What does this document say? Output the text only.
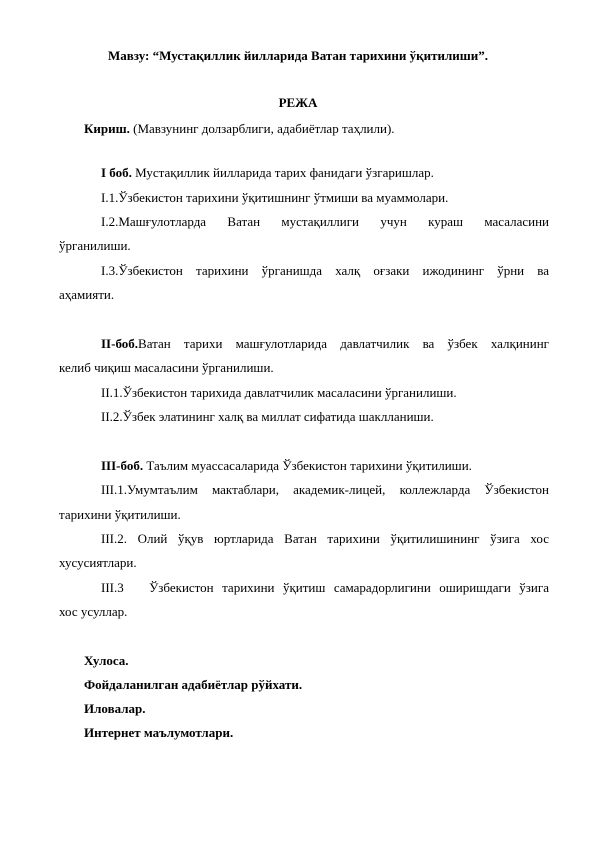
Мавзу: “Мустақиллик йилларида Ватан тарихини ўқитилиши”.
РЕЖА
Кириш. (Мавзунинг долзарблиги, адабиётлар таҳлили).
I боб. Мустақиллик йилларида тарих фанидаги ўзгаришлар.
I.1.Ўзбекистон тарихини ўқитишнинг ўтмиши ва муаммолари.
I.2.Машғулотларда Ватан мустақиллиги учун кураш масаласини
ўрганилиши.
I.3.Ўзбекистон тарихини ўрганишда халқ оғзаки ижодининг ўрни ва
аҳамияти.
II-боб.Ватан тарихи машғулотларида давлатчилик ва ўзбек халқининг
келиб чиқиш масаласини ўрганилиши.
II.1.Ўзбекистон тарихида давлатчилик масаласини ўрганилиши.
II.2.Ўзбек элатининг халқ ва миллат сифатида шаклланиши.
III-боб. Таълим муассасаларида Ўзбекистон тарихини ўқитилиши.
III.1.Умумтаълим мактаблари, академик-лицей, коллежларда Ўзбекистон
тарихини ўқитилиши.
III.2. Олий ўқув юртларида Ватан тарихини ўқитилишининг ўзига хос
хусусиятлари.
III.3   Ўзбекистон тарихини ўқитиш самарадорлигини оширишдаги ўзига
хос усуллар.
Хулоса.
Фойдаланилган адабиётлар рўйхати.
Иловалар.
Интернет маълумотлари.
